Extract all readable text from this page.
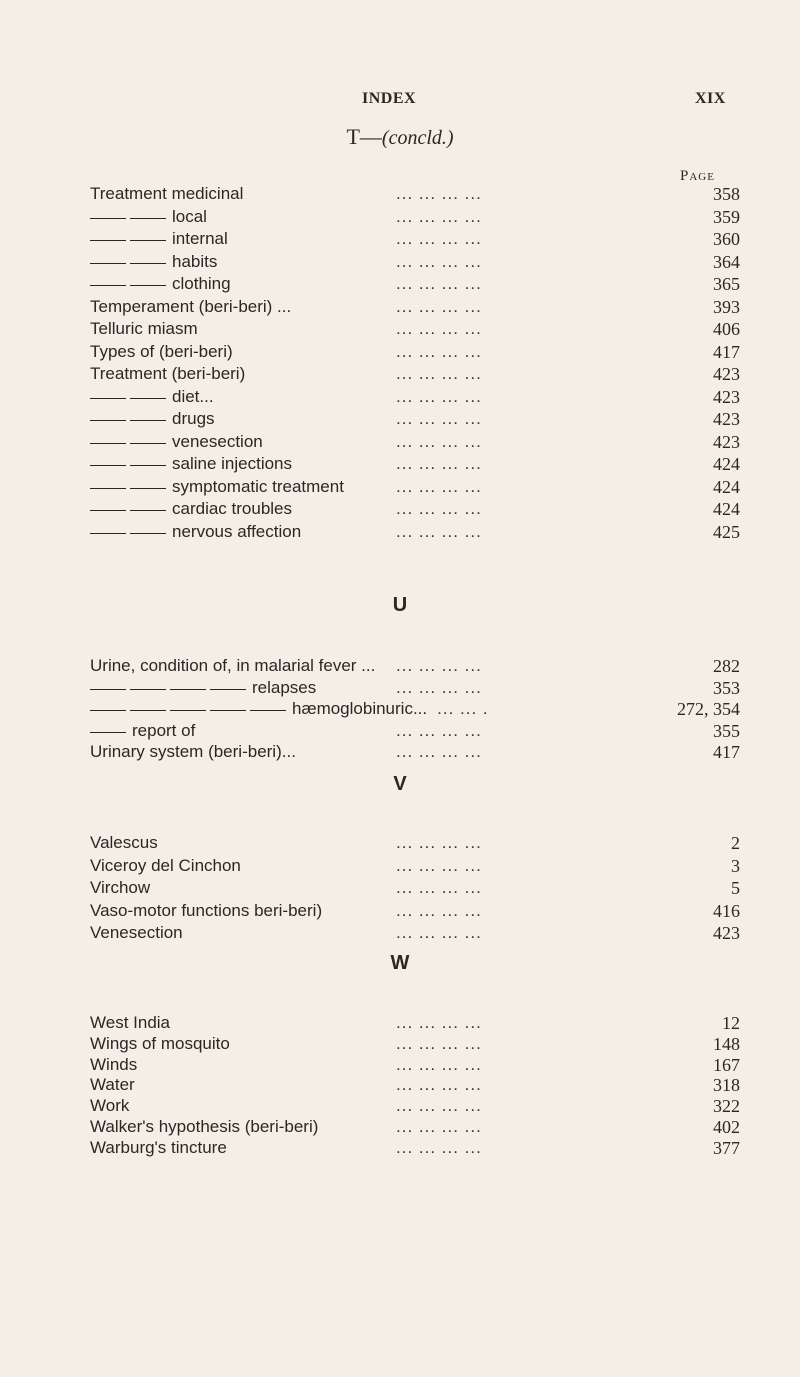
INDEX	XIX
T—(concld.)
Page
Treatment medicinal	... ... ... ...	358
local	... ... ... ...	359
internal	... ... ... ...	360
habits	... ... ... ...	364
clothing	... ... ... ...	365
Temperament (beri-beri) ...	... ... ... ...	393
Telluric miasm	... ... ... ...	406
Types of (beri-beri)	... ... ... ...	417
Treatment (beri-beri)	... ... ... ...	423
diet...	... ... ... ...	423
drugs	... ... ... ...	423
venesection	... ... ... ...	423
saline injections	... ... ... ...	424
symptomatic treatment	... ... ... ...	424
cardiac troubles	... ... ... ...	424
nervous affection	... ... ... ...	425
U
Urine, condition of, in malarial fever ... ... ... ... ...	282
relapses	... ... ... ...	353
hæmoglobinuric... ... ... .	272, 354
report of	... ... ... ...	355
Urinary system (beri-beri)...	... ... ... ...	417
V
Valescus	... ... ... ...	2
Viceroy del Cinchon	... ... ... ...	3
Virchow	... ... ... ...	5
Vaso-motor functions beri-beri)	... ... ... ...	416
Venesection	... ... ... ...	423
W
West India	... ... ... ...	12
Wings of mosquito	... ... ... ...	148
Winds	... ... ... ...	167
Water	... ... ... ...	318
Work	... ... ... ...	322
Walker's hypothesis (beri-beri)	... ... ... ...	402
Warburg's tincture	... ... ... ...	377
